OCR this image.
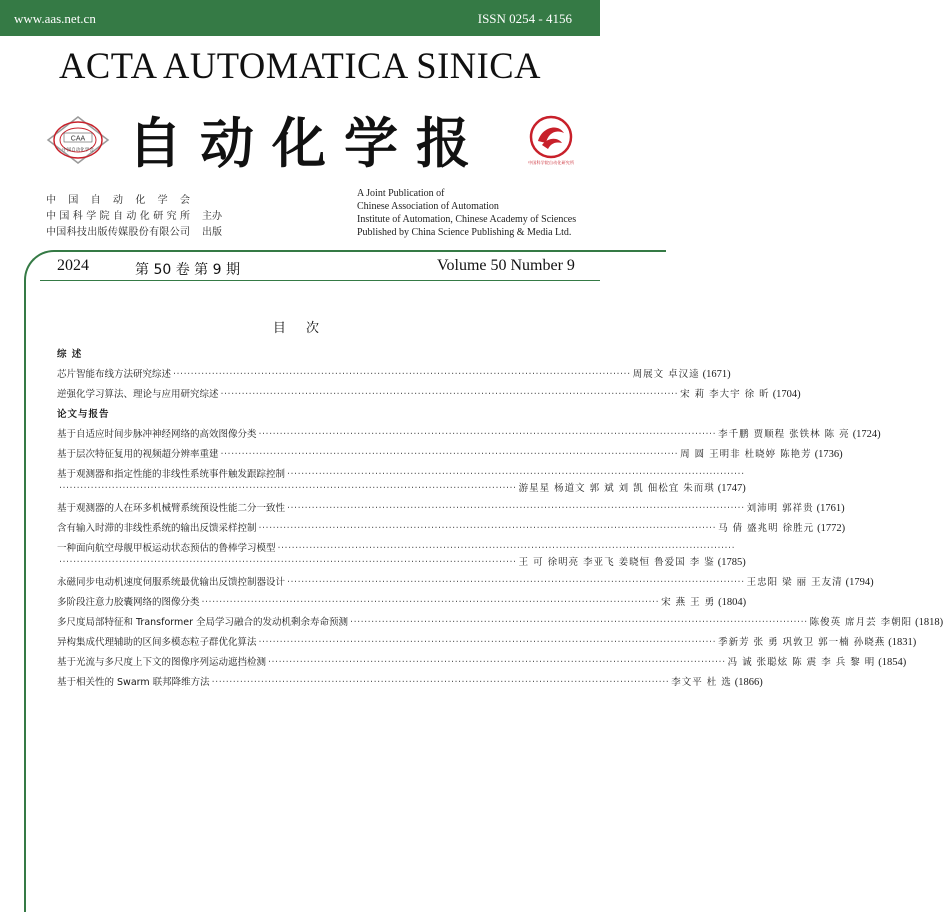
www.aas.net.cn	ISSN 0254 - 4156
ACTA AUTOMATICA SINICA
CAA
中国自动化学会 自动化学报	中国科学院自动化研究所
中国自动化学会
中国科学院自动化研究所 主办
中国科技出版传媒股份有限公司 出版
A Joint Publication of
Chinese Association of Automation
Institute of Automation, Chinese Academy of Sciences
Published by China Science Publishing & Media Ltd.
2024	第 50 卷 第 9 期	Volume 50 Number 9
目 次
综 述
芯片智能布线方法研究综述 ·································································································································· 周展文 卓汉逵 (1671)
逆强化学习算法、理论与应用研究综述 ·································································································································· 宋 莉 李大宇 徐 昕 (1704)
论文与报告
基于自适应时间步脉冲神经网络的高效图像分类 ·································································································································· 李千鹏 贾顺程 张铁林 陈 亮 (1724)
基于层次特征复用的视频超分辨率重建 ·································································································································· 周 圆 王明非 杜晓婷 陈艳芳 (1736)
基于观测器和指定性能的非线性系统事件触发跟踪控制 ··································································································································
·································································································································· 游星星 杨道文 郭 斌 刘 凯 佃松宜 朱而琪 (1747)
基于观测器的人在环多机械臂系统预设性能二分一致性 ·································································································································· 刘沛明 郭祥贵 (1761)
含有输入时滞的非线性系统的输出反馈采样控制 ·································································································································· 马 倩 盛兆明 徐胜元 (1772)
一种面向航空母舰甲板运动状态预估的鲁棒学习模型 ··································································································································
·································································································································· 王 可 徐明亮 李亚飞 姜晓恒 鲁爱国 李 鉴 (1785)
永磁同步电动机速度伺服系统最优输出反馈控制器设计 ·································································································································· 王忠阳 梁 丽 王友清 (1794)
多阶段注意力胶囊网络的图像分类 ·································································································································· 宋 燕 王 勇 (1804)
多尺度局部特征和 Transformer 全局学习融合的发动机剩余寿命预测 ·································································································································· 陈俊英 席月芸 李朝阳 (1818)
异构集成代理辅助的区间多模态粒子群优化算法 ·································································································································· 季新芳 张 勇 巩敦卫 郭一楠 孙晓燕 (1831)
基于光流与多尺度上下文的图像序列运动遮挡检测 ·································································································································· 冯 诚 张聪炫 陈 震 李 兵 黎 明 (1854)
基于相关性的 Swarm 联邦降维方法 ·································································································································· 李文平 杜 选 (1866)
